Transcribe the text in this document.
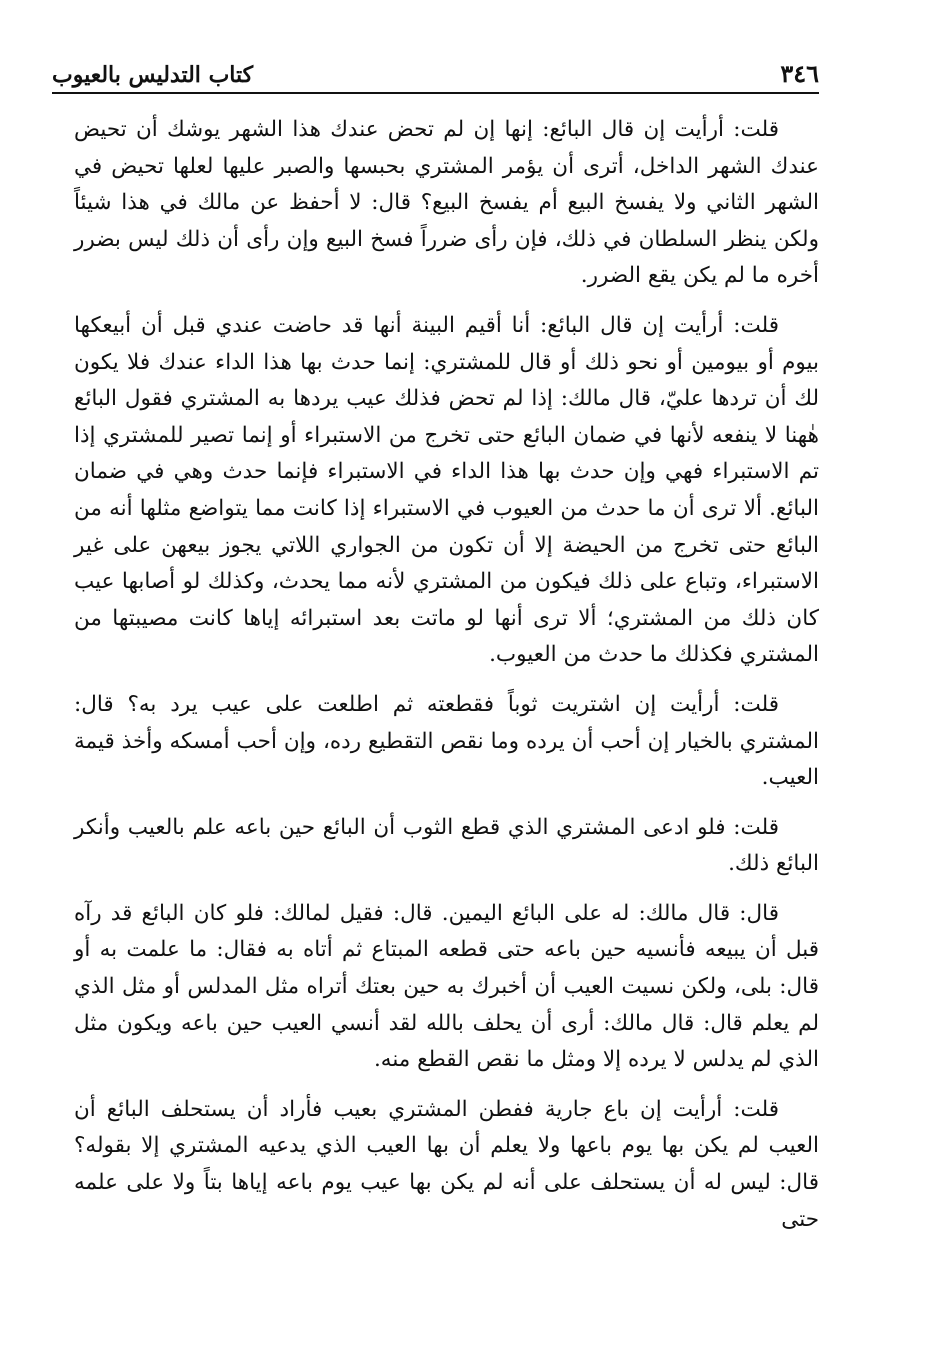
٣٤٦
كتاب التدليس بالعيوب

قلت: أرأيت إن قال البائع: إنها إن لم تحض عندك هذا الشهر يوشك أن تحيض عندك الشهر الداخل، أترى أن يؤمر المشتري بحبسها والصبر عليها لعلها تحيض في الشهر الثاني ولا يفسخ البيع أم يفسخ البيع؟ قال: لا أحفظ عن مالك في هذا شيئاً ولكن ينظر السلطان في ذلك، فإن رأى ضرراً فسخ البيع وإن رأى أن ذلك ليس بضرر أخره ما لم يكن يقع الضرر.

قلت: أرأيت إن قال البائع: أنا أقيم البينة أنها قد حاضت عندي قبل أن أبيعكها بيوم أو بيومين أو نحو ذلك أو قال للمشتري: إنما حدث بها هذا الداء عندك فلا يكون لك أن تردها عليّ، قال مالك: إذا لم تحض فذلك عيب يردها به المشتري فقول البائع هٰهنا لا ينفعه لأنها في ضمان البائع حتى تخرج من الاستبراء أو إنما تصير للمشتري إذا تم الاستبراء فهي وإن حدث بها هذا الداء في الاستبراء فإنما حدث وهي في ضمان البائع. ألا ترى أن ما حدث من العيوب في الاستبراء إذا كانت مما يتواضع مثلها أنه من البائع حتى تخرج من الحيضة إلا أن تكون من الجواري اللاتي يجوز بيعهن على غير الاستبراء، وتباع على ذلك فيكون من المشتري لأنه مما يحدث، وكذلك لو أصابها عيب كان ذلك من المشتري؛ ألا ترى أنها لو ماتت بعد استبرائه إياها كانت مصيبتها من المشتري فكذلك ما حدث من العيوب.

قلت: أرأيت إن اشتريت ثوباً فقطعته ثم اطلعت على عيب يرد به؟ قال: المشتري بالخيار إن أحب أن يرده وما نقص التقطيع رده، وإن أحب أمسكه وأخذ قيمة العيب.

قلت: فلو ادعى المشتري الذي قطع الثوب أن البائع حين باعه علم بالعيب وأنكر البائع ذلك.

قال: قال مالك: له على البائع اليمين. قال: فقيل لمالك: فلو كان البائع قد رآه قبل أن يبيعه فأنسيه حين باعه حتى قطعه المبتاع ثم أتاه به فقال: ما علمت به أو قال: بلى، ولكن نسيت العيب أن أخبرك به حين بعتك أتراه مثل المدلس أو مثل الذي لم يعلم قال: قال مالك: أرى أن يحلف بالله لقد أنسي العيب حين باعه ويكون مثل الذي لم يدلس لا يرده إلا ومثل ما نقص القطع منه.

قلت: أرأيت إن باع جارية ففطن المشتري بعيب فأراد أن يستحلف البائع أن العيب لم يكن بها يوم باعها ولا يعلم أن بها العيب الذي يدعيه المشتري إلا بقوله؟ قال: ليس له أن يستحلف على أنه لم يكن بها عيب يوم باعه إياها بتاً ولا على علمه حتى
